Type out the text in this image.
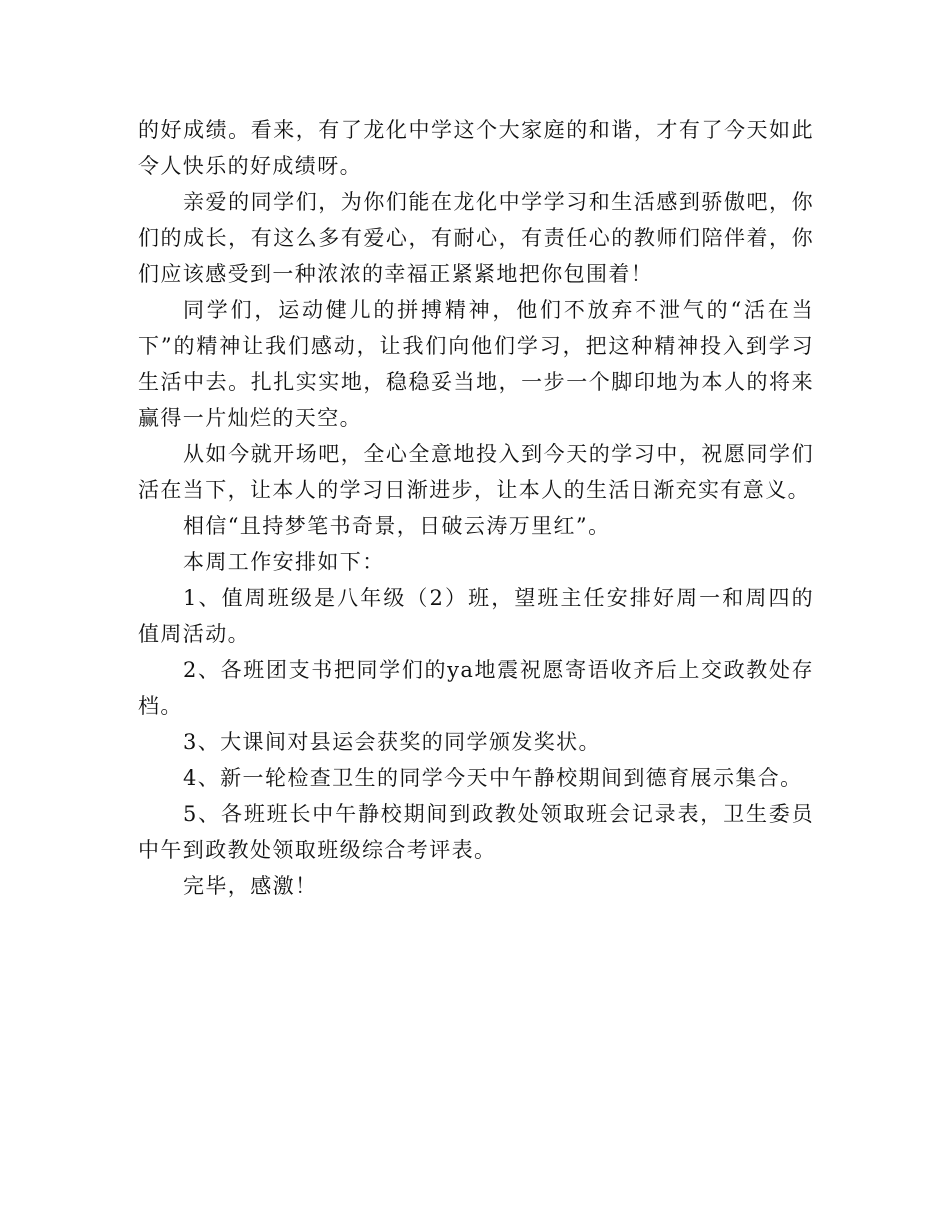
的好成绩。看来，有了龙化中学这个大家庭的和谐，才有了今天如此令人快乐的好成绩呀。

亲爱的同学们，为你们能在龙化中学学习和生活感到骄傲吧，你们的成长，有这么多有爱心，有耐心，有责任心的教师们陪伴着，你们应该感受到一种浓浓的幸福正紧紧地把你包围着！

同学们，运动健儿的拼搏精神，他们不放弃不泄气的“活在当下”的精神让我们感动，让我们向他们学习，把这种精神投入到学习生活中去。扎扎实实地，稳稳妥当地，一步一个脚印地为本人的将来赢得一片灿烂的天空。

从如今就开场吧，全心全意地投入到今天的学习中，祝愿同学们活在当下，让本人的学习日渐进步，让本人的生活日渐充实有意义。

相信“且持梦笔书奇景，日破云涛万里红”。

本周工作安排如下：

1、值周班级是八年级（2）班，望班主任安排好周一和周四的值周活动。

2、各班团支书把同学们的ya地震祝愿寄语收齐后上交政教处存档。

3、大课间对县运会获奖的同学颁发奖状。

4、新一轮检查卫生的同学今天中午静校期间到德育展示集合。

5、各班班长中午静校期间到政教处领取班会记录表，卫生委员中午到政教处领取班级综合考评表。

完毕，感激！
